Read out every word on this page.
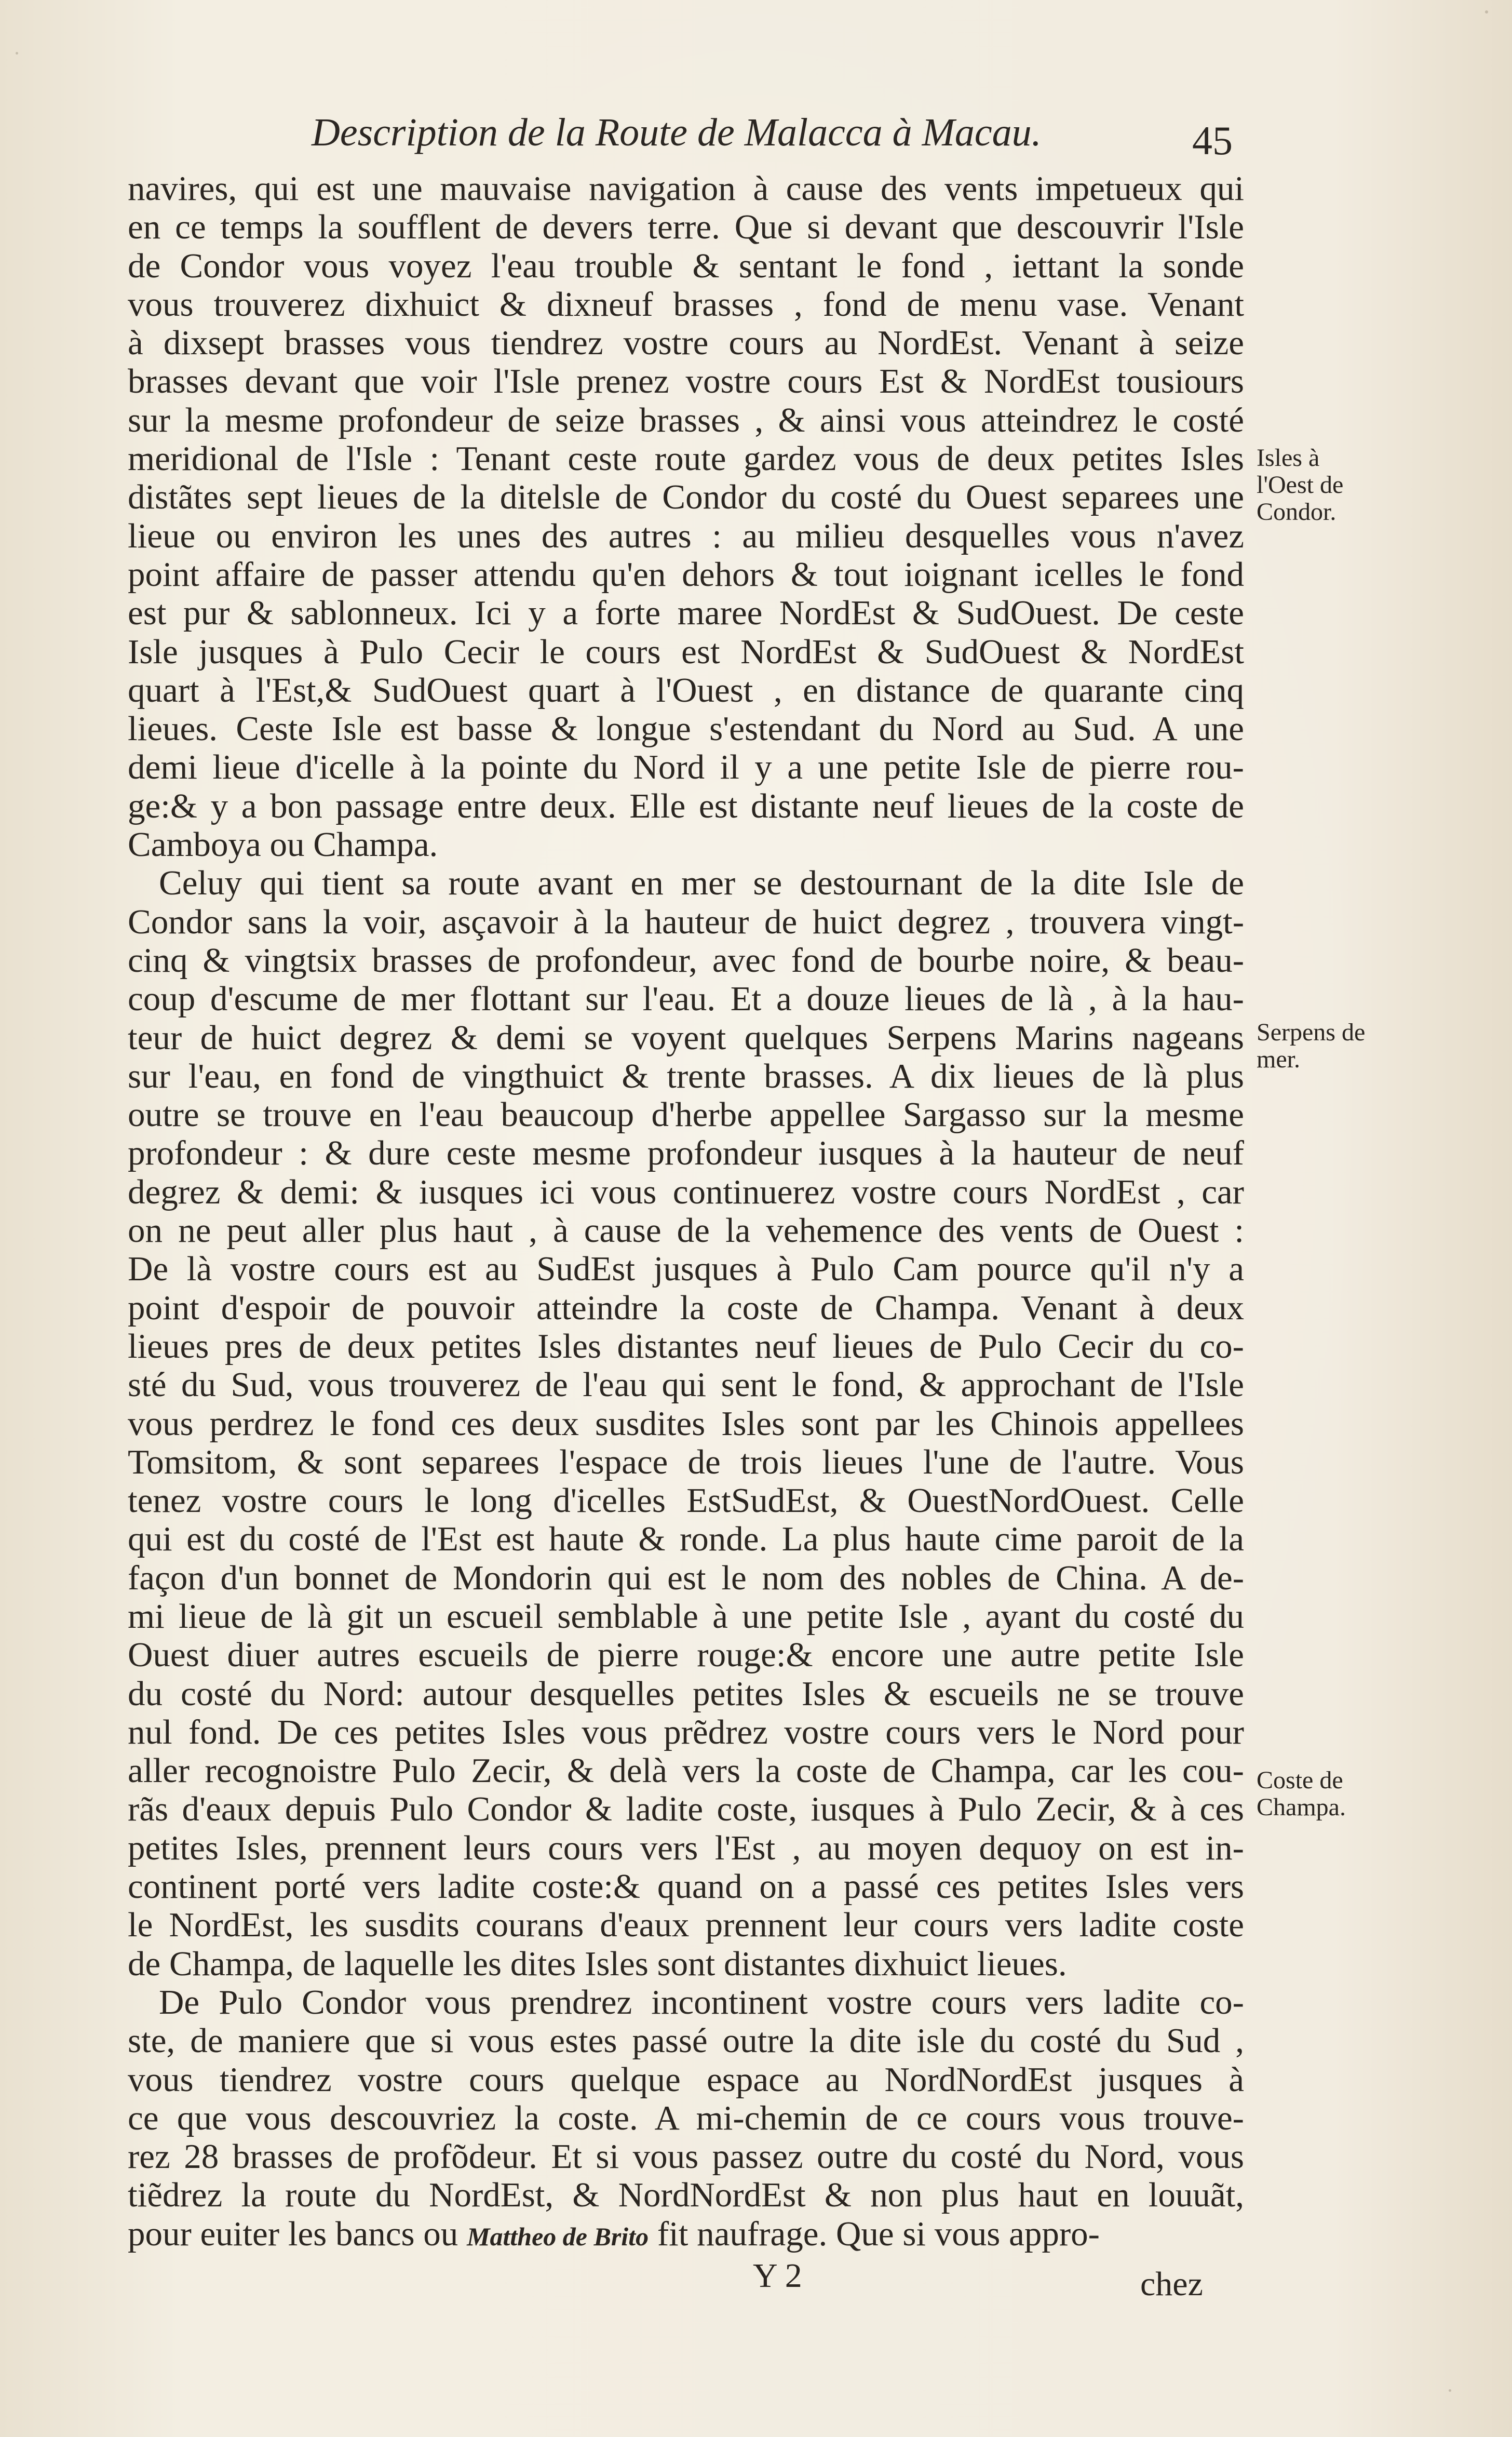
Description de la Route de Malacca à Macau.	45
navires, qui est une mauvaise navigation à cause des vents impetueux qui
en ce temps la soufflent de devers terre. Que si devant que descouvrir l'Isle
de Condor vous voyez l'eau trouble & sentant le fond , iettant la sonde
vous trouverez dixhuict & dixneuf brasses , fond de menu vase. Venant
à dixsept brasses vous tiendrez vostre cours au NordEst. Venant à seize
brasses devant que voir l'Isle prenez vostre cours Est & NordEst tousiours
sur la mesme profondeur de seize brasses , & ainsi vous atteindrez le costé
meridional de l'Isle : Tenant ceste route gardez vous de deux petites Isles
distãtes sept lieues de la ditelsle de Condor du costé du Ouest separees une
lieue ou environ les unes des autres : au milieu desquelles vous n'avez
point affaire de passer attendu qu'en dehors & tout ioignant icelles le fond
est pur & sablonneux. Ici y a forte maree NordEst & SudOuest. De ceste
Isle jusques à Pulo Cecir le cours est NordEst & SudOuest & NordEst
quart à l'Est,& SudOuest quart à l'Ouest , en distance de quarante cinq
lieues. Ceste Isle est basse & longue s'estendant du Nord au Sud. A une
demi lieue d'icelle à la pointe du Nord il y a une petite Isle de pierre rou-
ge:& y a bon passage entre deux. Elle est distante neuf lieues de la coste de
Camboya ou Champa.
Celuy qui tient sa route avant en mer se destournant de la dite Isle de
Condor sans la voir, asçavoir à la hauteur de huict degrez , trouvera vingt-
cinq & vingtsix brasses de profondeur, avec fond de bourbe noire, & beau-
coup d'escume de mer flottant sur l'eau. Et a douze lieues de là , à la hau-
teur de huict degrez & demi se voyent quelques Serpens Marins nageans
sur l'eau, en fond de vingthuict & trente brasses. A dix lieues de là plus
outre se trouve en l'eau beaucoup d'herbe appellee Sargasso sur la mesme
profondeur : & dure ceste mesme profondeur iusques à la hauteur de neuf
degrez & demi: & iusques ici vous continuerez vostre cours NordEst , car
on ne peut aller plus haut , à cause de la vehemence des vents de Ouest :
De là vostre cours est au SudEst jusques à Pulo Cam pource qu'il n'y a
point d'espoir de pouvoir atteindre la coste de Champa. Venant à deux
lieues pres de deux petites Isles distantes neuf lieues de Pulo Cecir du co-
sté du Sud, vous trouverez de l'eau qui sent le fond, & approchant de l'Isle
vous perdrez le fond ces deux susdites Isles sont par les Chinois appellees
Tomsitom, & sont separees l'espace de trois lieues l'une de l'autre. Vous
tenez vostre cours le long d'icelles EstSudEst, & OuestNordOuest. Celle
qui est du costé de l'Est est haute & ronde. La plus haute cime paroit de la
façon d'un bonnet de Mondorin qui est le nom des nobles de China. A de-
mi lieue de là git un escueil semblable à une petite Isle , ayant du costé du
Ouest diuer autres escueils de pierre rouge:& encore une autre petite Isle
du costé du Nord: autour desquelles petites Isles & escueils ne se trouve
nul fond. De ces petites Isles vous prẽdrez vostre cours vers le Nord pour
aller recognoistre Pulo Zecir, & delà vers la coste de Champa, car les cou-
rãs d'eaux depuis Pulo Condor & ladite coste, iusques à Pulo Zecir, & à ces
petites Isles, prennent leurs cours vers l'Est , au moyen dequoy on est in-
continent porté vers ladite coste:& quand on a passé ces petites Isles vers
le NordEst, les susdits courans d'eaux prennent leur cours vers ladite coste
de Champa, de laquelle les dites Isles sont distantes dixhuict lieues.
De Pulo Condor vous prendrez incontinent vostre cours vers ladite co-
ste, de maniere que si vous estes passé outre la dite isle du costé du Sud ,
vous tiendrez vostre cours quelque espace au NordNordEst jusques à
ce que vous descouvriez la coste. A mi-chemin de ce cours vous trouve-
rez 28 brasses de profõdeur. Et si vous passez outre du costé du Nord, vous
tiẽdrez la route du NordEst, & NordNordEst & non plus haut en louuãt,
pour euiter les bancs ou Mattheo de Brito fit naufrage. Que si vous appro-
Isles à
l'Oest de
Condor.
Serpens de
mer.
Coste de
Champa.
Y 2	chez
